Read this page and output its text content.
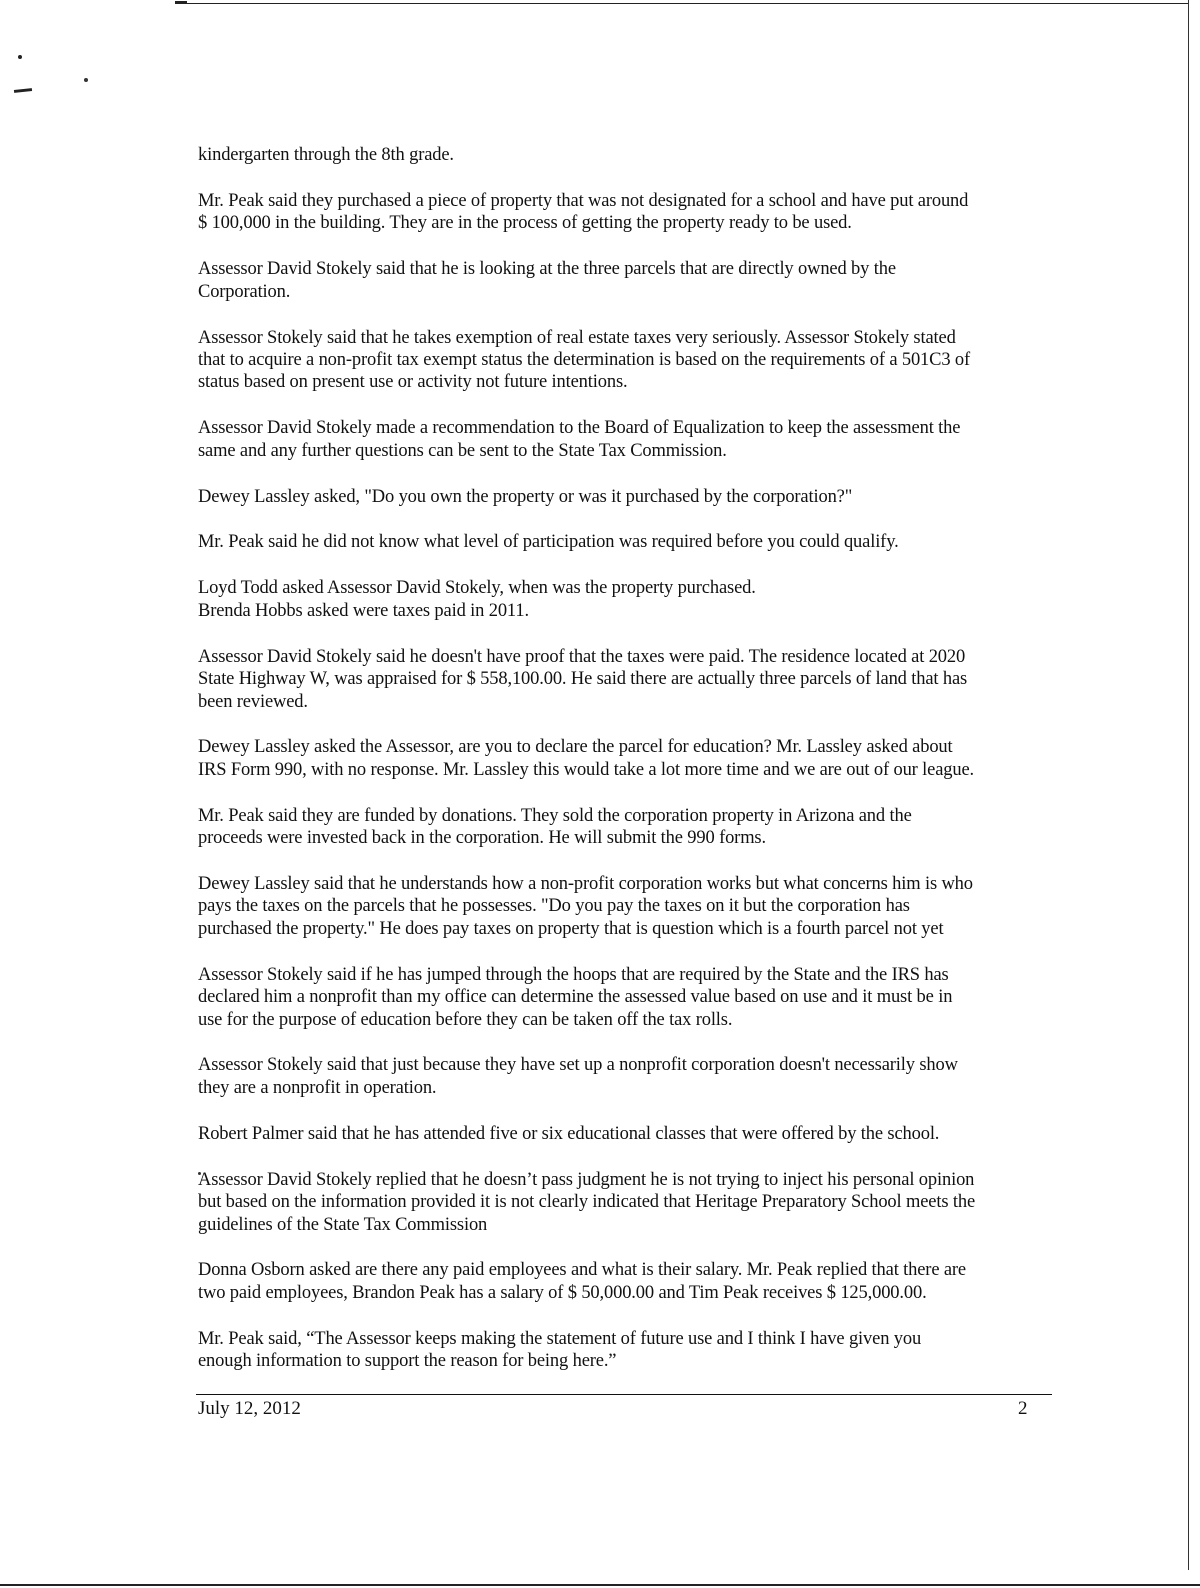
kindergarten through the 8th grade.

Mr. Peak said they purchased a piece of property that was not designated for a school and have put around
$ 100,000 in the building. They are in the process of getting the property ready to be used.

Assessor David Stokely said that he is looking at the three parcels that are directly owned by the
Corporation.

Assessor Stokely said that he takes exemption of real estate taxes very seriously. Assessor Stokely stated
that to acquire a non-profit tax exempt status the determination is based on the requirements of a 501C3 of
status based on present use or activity not future intentions.

Assessor David Stokely made a recommendation to the Board of Equalization to keep the assessment the
same and any further questions can be sent to the State Tax Commission.

Dewey Lassley asked, "Do you own the property or was it purchased by the corporation?"

Mr. Peak said he did not know what level of participation was required before you could qualify.

Loyd Todd asked Assessor David Stokely, when was the property purchased.

Brenda Hobbs asked were taxes paid in 2011.

Assessor David Stokely said he doesn't have proof that the taxes were paid. The residence located at 2020
State Highway W, was appraised for $ 558,100.00. He said there are actually three parcels of land that has
been reviewed.

Dewey Lassley asked the Assessor, are you to declare the parcel for education? Mr. Lassley asked about
IRS Form 990, with no response. Mr. Lassley this would take a lot more time and we are out of our league.

Mr. Peak said they are funded by donations. They sold the corporation property in Arizona and the
proceeds were invested back in the corporation. He will submit the 990 forms.

Dewey Lassley said that he understands how a non-profit corporation works but what concerns him is who
pays the taxes on the parcels that he possesses. "Do you pay the taxes on it but the corporation has
purchased the property." He does pay taxes on property that is question which is a fourth parcel not yet

Assessor Stokely said if he has jumped through the hoops that are required by the State and the IRS has
declared him a nonprofit than my office can determine the assessed value based on use and it must be in
use for the purpose of education before they can be taken off the tax rolls.

Assessor Stokely said that just because they have set up a nonprofit corporation doesn't necessarily show
they are a nonprofit in operation.

Robert Palmer said that he has attended five or six educational classes that were offered by the school.

Assessor David Stokely replied that he doesn’t pass judgment he is not trying to inject his personal opinion
but based on the information provided it is not clearly indicated that Heritage Preparatory School meets the
guidelines of the State Tax Commission

Donna Osborn asked are there any paid employees and what is their salary. Mr. Peak replied that there are
two paid employees, Brandon Peak has a salary of $ 50,000.00 and Tim Peak receives $ 125,000.00.

Mr. Peak said, “The Assessor keeps making the statement of future use and I think I have given you
enough information to support the reason for being here.”

July 12, 2012	2
